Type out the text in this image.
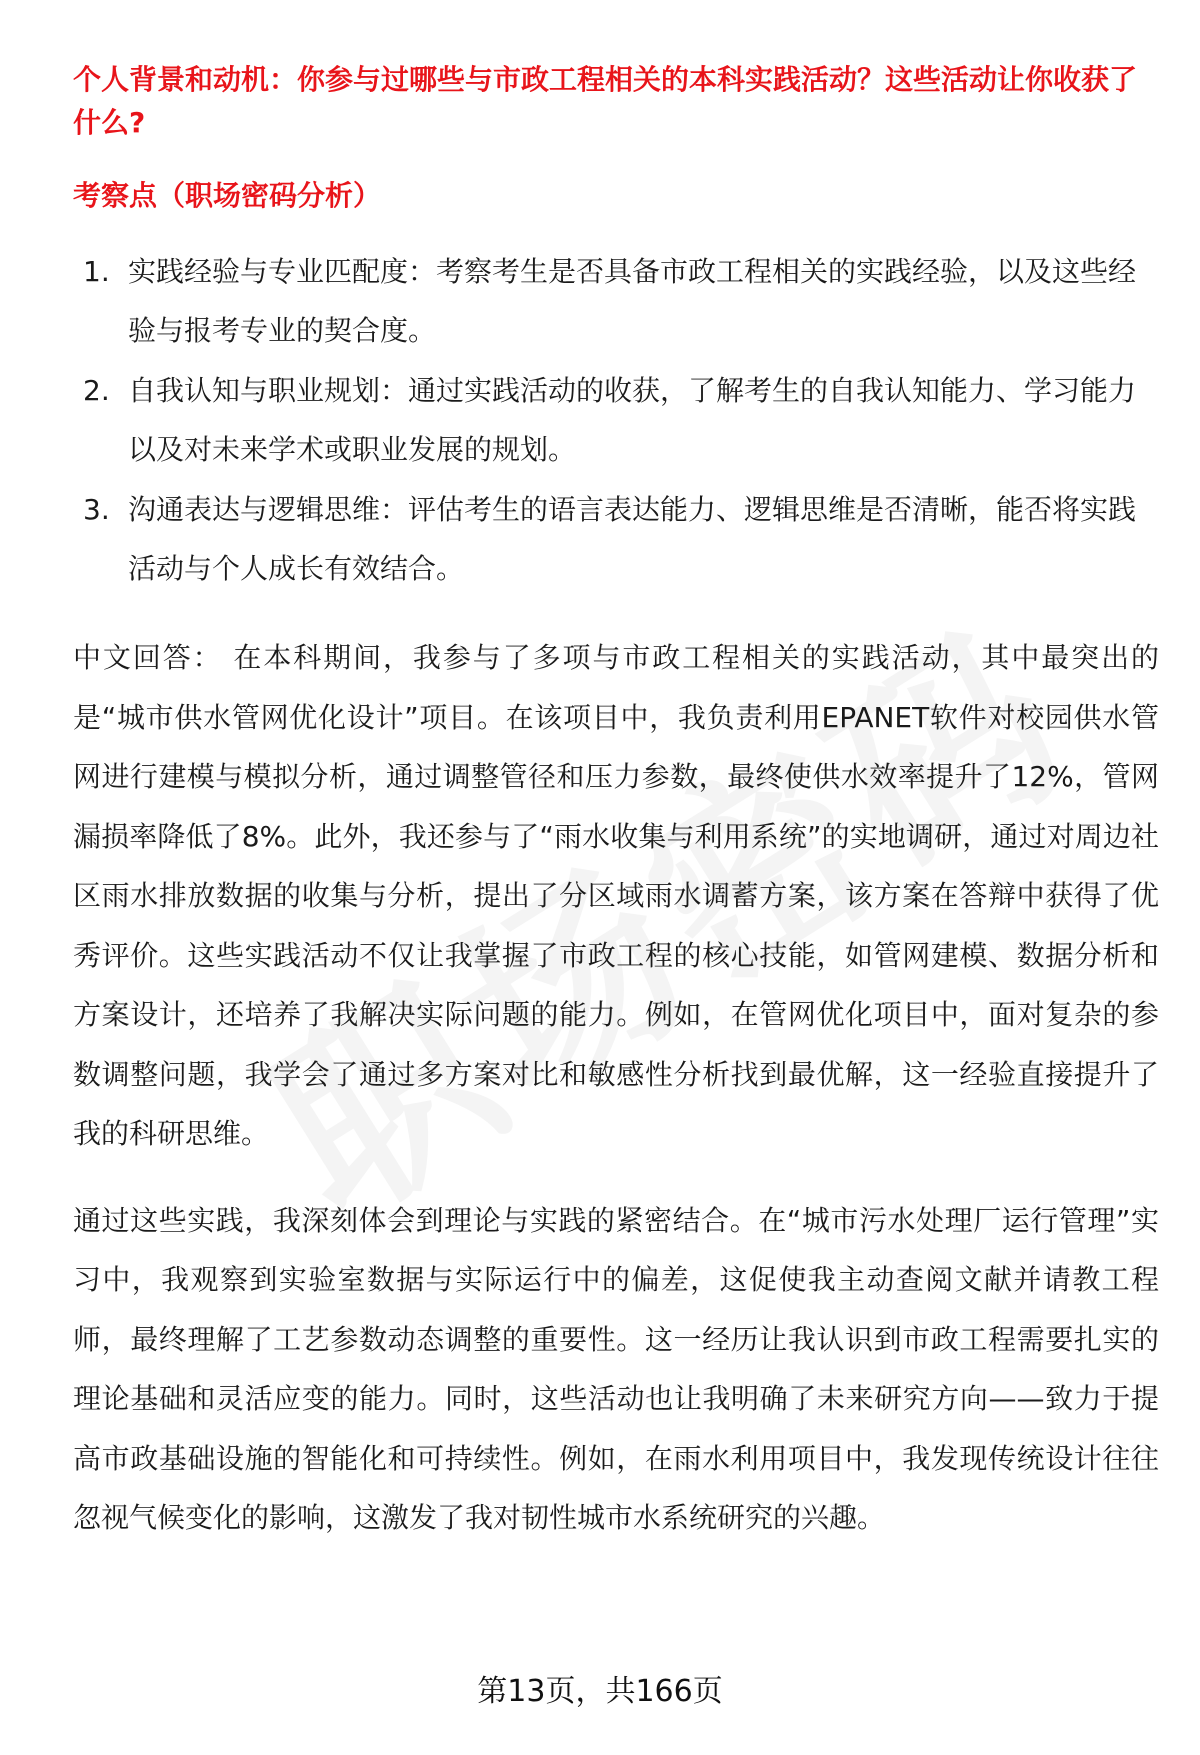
个人背景和动机：你参与过哪些与市政工程相关的本科实践活动？这些活动让你收获了什么?

考察点（职场密码分析）

1. 实践经验与专业匹配度：考察考生是否具备市政工程相关的实践经验，以及这些经验与报考专业的契合度。
2. 自我认知与职业规划：通过实践活动的收获，了解考生的自我认知能力、学习能力以及对未来学术或职业发展的规划。
3. 沟通表达与逻辑思维：评估考生的语言表达能力、逻辑思维是否清晰，能否将实践活动与个人成长有效结合。

中文回答： 在本科期间，我参与了多项与市政工程相关的实践活动，其中最突出的是“城市供水管网优化设计”项目。在该项目中，我负责利用EPANET软件对校园供水管网进行建模与模拟分析，通过调整管径和压力参数，最终使供水效率提升了12%，管网漏损率降低了8%。此外，我还参与了“雨水收集与利用系统”的实地调研，通过对周边社区雨水排放数据的收集与分析，提出了分区域雨水调蓄方案，该方案在答辩中获得了优秀评价。这些实践活动不仅让我掌握了市政工程的核心技能，如管网建模、数据分析和方案设计，还培养了我解决实际问题的能力。例如，在管网优化项目中，面对复杂的参数调整问题，我学会了通过多方案对比和敏感性分析找到最优解，这一经验直接提升了我的科研思维。

通过这些实践，我深刻体会到理论与实践的紧密结合。在“城市污水处理厂运行管理”实习中，我观察到实验室数据与实际运行中的偏差，这促使我主动查阅文献并请教工程师，最终理解了工艺参数动态调整的重要性。这一经历让我认识到市政工程需要扎实的理论基础和灵活应变的能力。同时，这些活动也让我明确了未来研究方向——致力于提高市政基础设施的智能化和可持续性。例如，在雨水利用项目中，我发现传统设计往往忽视气候变化的影响，这激发了我对韧性城市水系统研究的兴趣。

第13页，共166页
